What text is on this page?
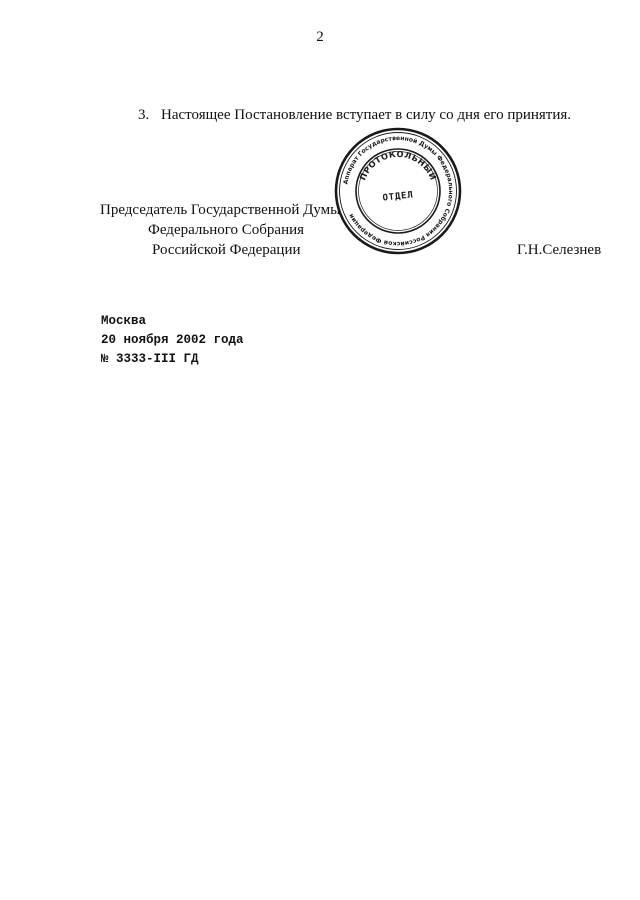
2
3. Настоящее Постановление вступает в силу со дня его принятия.
Председатель Государственной Думы
Федерального Собрания
Российской Федерации	Г.Н.Селезнев
Аппарат Государственной Думы Федерального Собрания Российской Федерации
ПРОТОКОЛЬНЫЙ
ОТДЕЛ
Москва
20 ноября 2002 года
№ 3333-III ГД
